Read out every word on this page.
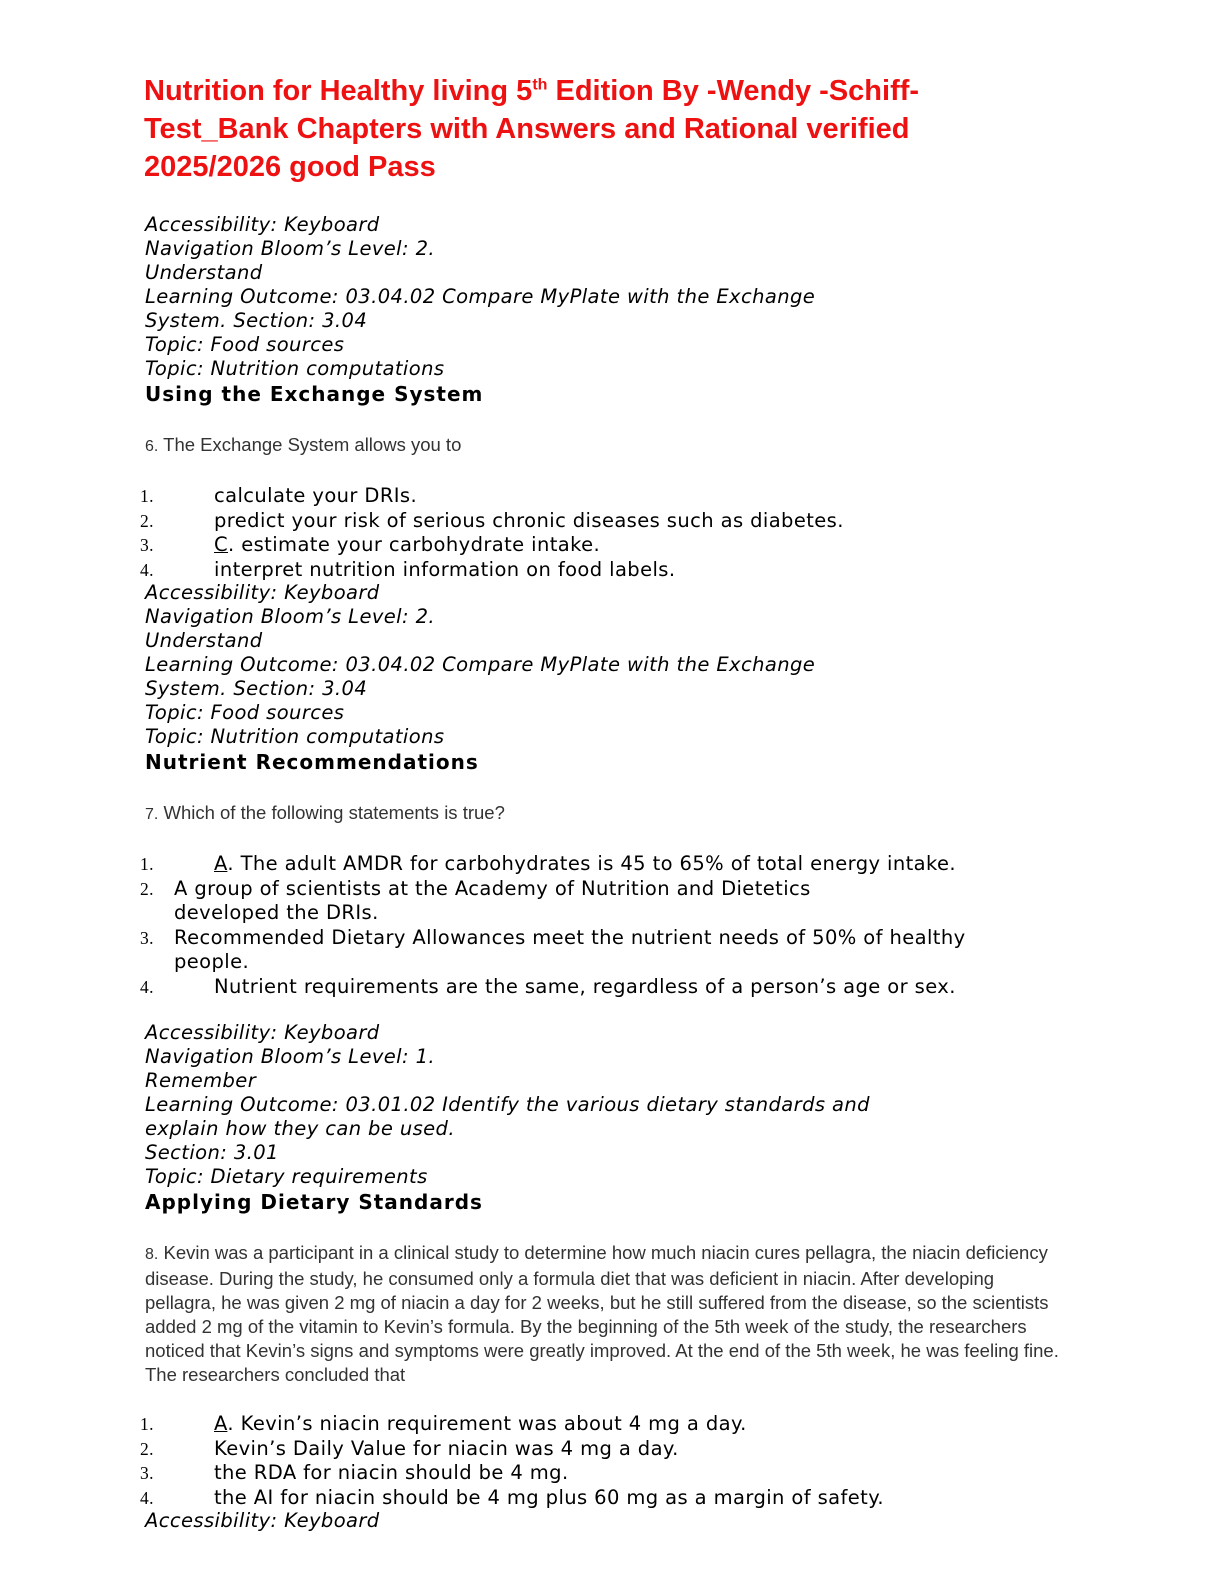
Nutrition for Healthy living 5th Edition By -Wendy -Schiff-
Test_Bank Chapters with Answers and Rational verified
2025/2026 good Pass
Accessibility: Keyboard
Navigation Bloom’s Level: 2.
Understand
Learning Outcome: 03.04.02 Compare MyPlate with the Exchange
System. Section: 3.04
Topic: Food sources
Topic: Nutrition computations
Using the Exchange System

6. The Exchange System allows you to

1.	calculate your DRIs.
2.	predict your risk of serious chronic diseases such as diabetes.
3.	C. estimate your carbohydrate intake.
4.	interpret nutrition information on food labels.
Accessibility: Keyboard
Navigation Bloom’s Level: 2.
Understand
Learning Outcome: 03.04.02 Compare MyPlate with the Exchange
System. Section: 3.04
Topic: Food sources
Topic: Nutrition computations
Nutrient Recommendations

7. Which of the following statements is true?

1.	A. The adult AMDR for carbohydrates is 45 to 65% of total energy intake.
2. A group of scientists at the Academy of Nutrition and Dietetics developed the DRIs.
3. Recommended Dietary Allowances meet the nutrient needs of 50% of healthy people.
4.	Nutrient requirements are the same, regardless of a person’s age or sex.
Accessibility: Keyboard
Navigation Bloom’s Level: 1.
Remember
Learning Outcome: 03.01.02 Identify the various dietary standards and
explain how they can be used.
Section: 3.01
Topic: Dietary requirements
Applying Dietary Standards

8. Kevin was a participant in a clinical study to determine how much niacin cures pellagra, the niacin deficiency disease. During the study, he consumed only a formula diet that was deficient in niacin. After developing pellagra, he was given 2 mg of niacin a day for 2 weeks, but he still suffered from the disease, so the scientists added 2 mg of the vitamin to Kevin’s formula. By the beginning of the 5th week of the study, the researchers noticed that Kevin’s signs and symptoms were greatly improved. At the end of the 5th week, he was feeling fine. The researchers concluded that

1.	A. Kevin’s niacin requirement was about 4 mg a day.
2.	Kevin’s Daily Value for niacin was 4 mg a day.
3.	the RDA for niacin should be 4 mg.
4.	the AI for niacin should be 4 mg plus 60 mg as a margin of safety.
Accessibility: Keyboard
